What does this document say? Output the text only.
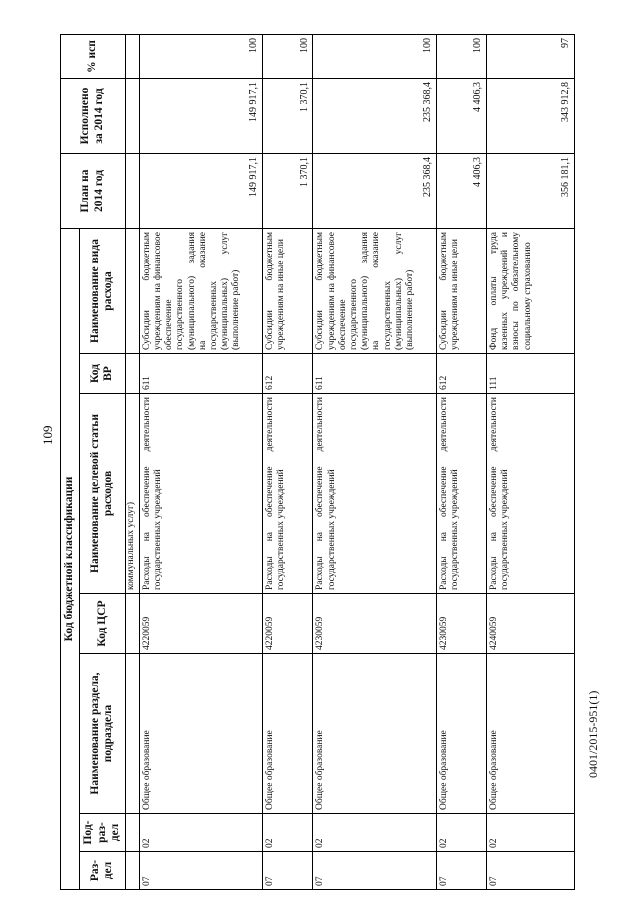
109
0401/2015-951(1)
Код бюджетной классификации							План на 2014 год	Исполнено за 2014 год	% исп
Раз-дел	Под-раз-дел	Наименование раздела, подраздела	Код ЦСР	Наименование целевой статьи расходов	Код ВР	Наименование вида расхода			
				коммунальных услуг)					
07	02	Общее образование	4220059	Расходы на обеспечение деятельности государственных учреждений	611	Субсидии бюджетным учреждениям на финансовое обеспечение государственного (муниципального) задания на оказание государственных (муниципальных) услуг (выполнение работ)	149 917,1	149 917,1	100
07	02	Общее образование	4220059	Расходы на обеспечение деятельности государственных учреждений	612	Субсидии бюджетным учреждениям на иные цели	1 370,1	1 370,1	100
07	02	Общее образование	4230059	Расходы на обеспечение деятельности государственных учреждений	611	Субсидии бюджетным учреждениям на финансовое обеспечение государственного (муниципального) задания на оказание государственных (муниципальных) услуг (выполнение работ)	235 368,4	235 368,4	100
07	02	Общее образование	4230059	Расходы на обеспечение деятельности государственных учреждений	612	Субсидии бюджетным учреждениям на иные цели	4 406,3	4 406,3	100
07	02	Общее образование	4240059	Расходы на обеспечение деятельности государственных учреждений	111	Фонд оплаты труда казенных учреждений и взносы по обязательному социальному страхованию	356 181,1	343 912,8	97
